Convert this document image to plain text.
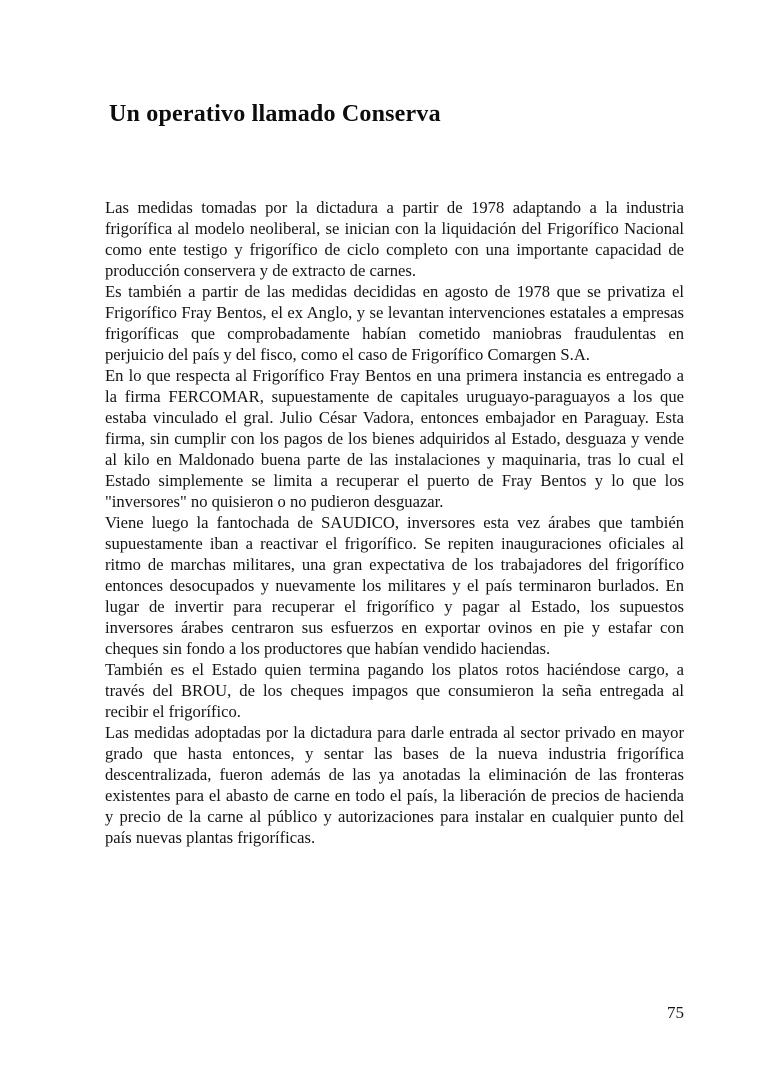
Un operativo llamado Conserva

Las medidas tomadas por la dictadura a partir de 1978 adaptando a la industria frigorífica al modelo neoliberal, se inician con la liquidación del Frigorífico Nacional como ente testigo y frigorífico de ciclo completo con una importante capacidad de producción conservera y de extracto de carnes.

Es también a partir de las medidas decididas en agosto de 1978 que se privatiza el Frigorífico Fray Bentos, el ex Anglo, y se levantan intervenciones estatales a empresas frigoríficas que comprobadamente habían cometido maniobras fraudulentas en perjuicio del país y del fisco, como el caso de Frigorífico Comargen S.A.

En lo que respecta al Frigorífico Fray Bentos en una primera instancia es entregado a la firma FERCOMAR, supuestamente de capitales uruguayo-paraguayos a los que estaba vinculado el gral. Julio César Vadora, entonces embajador en Paraguay. Esta firma, sin cumplir con los pagos de los bienes adquiridos al Estado, desguaza y vende al kilo en Maldonado buena parte de las instalaciones y maquinaria, tras lo cual el Estado simplemente se limita a recuperar el puerto de Fray Bentos y lo que los "inversores" no quisieron o no pudieron desguazar.

Viene luego la fantochada de SAUDICO, inversores esta vez árabes que también supuestamente iban a reactivar el frigorífico. Se repiten inauguraciones oficiales al ritmo de marchas militares, una gran expectativa de los trabajadores del frigorífico entonces desocupados y nuevamente los militares y el país terminaron burlados. En lugar de invertir para recuperar el frigorífico y pagar al Estado, los supuestos inversores árabes centraron sus esfuerzos en exportar ovinos en pie y estafar con cheques sin fondo a los productores que habían vendido haciendas.

También es el Estado quien termina pagando los platos rotos haciéndose cargo, a través del BROU, de los cheques impagos que consumieron la seña entregada al recibir el frigorífico.

Las medidas adoptadas por la dictadura para darle entrada al sector privado en mayor grado que hasta entonces, y sentar las bases de la nueva industria frigorífica descentralizada, fueron además de las ya anotadas la eliminación de las fronteras existentes para el abasto de carne en todo el país, la liberación de precios de hacienda y precio de la carne al público y autorizaciones para instalar en cualquier punto del país nuevas plantas frigoríficas.

75
